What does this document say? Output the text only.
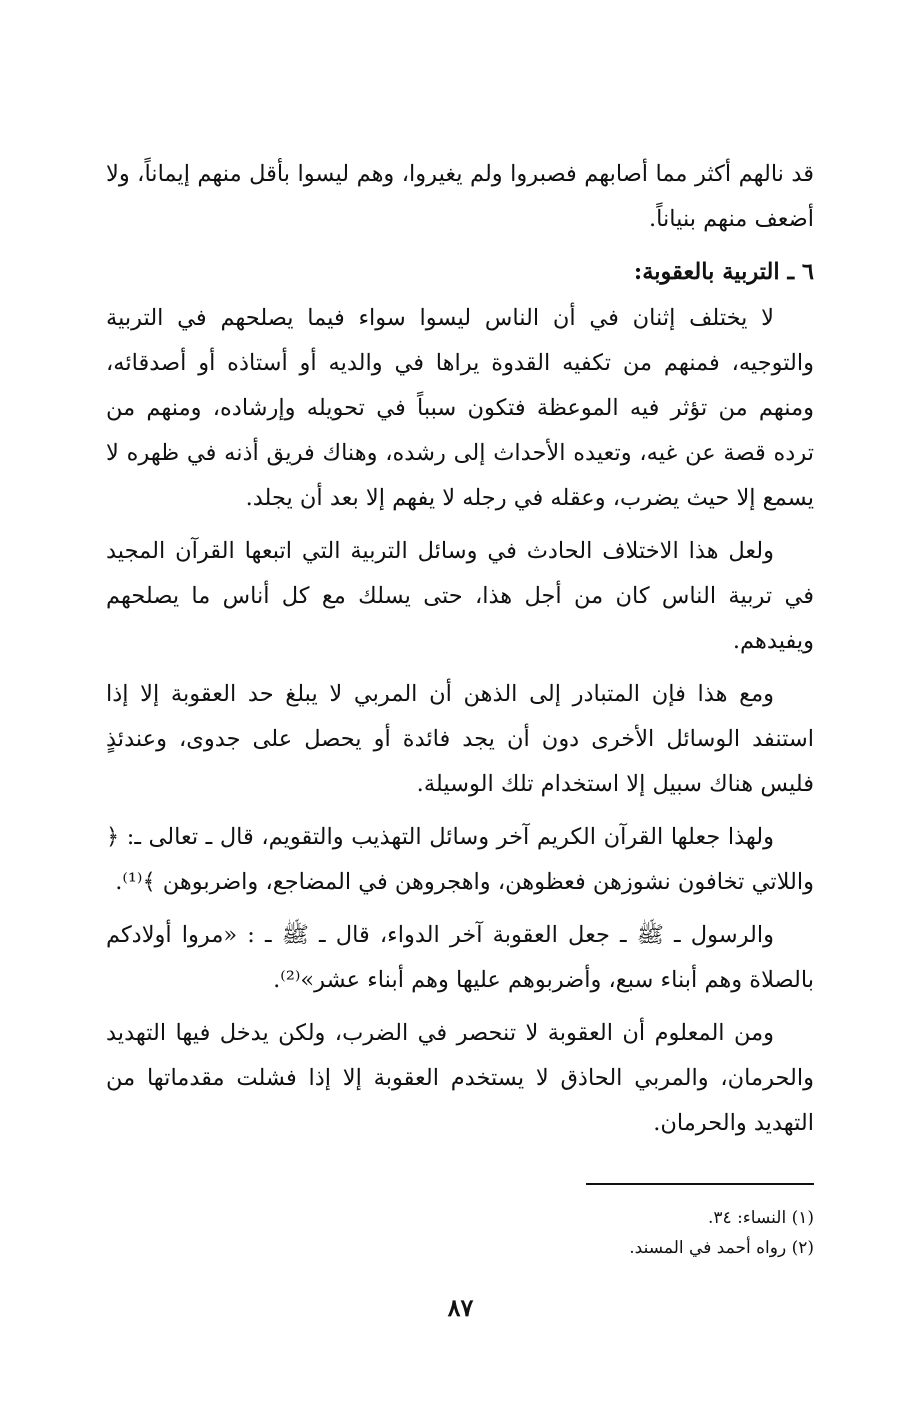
قد نالهم أكثر مما أصابهم فصبروا ولم يغيروا، وهم ليسوا بأقل منهم إيماناً، ولا أضعف منهم بنياناً.

٦ ـ التربية بالعقوبة:

لا يختلف إثنان في أن الناس ليسوا سواء فيما يصلحهم في التربية والتوجيه، فمنهم من تكفيه القدوة يراها في والديه أو أستاذه أو أصدقائه، ومنهم من تؤثر فيه الموعظة فتكون سبباً في تحويله وإرشاده، ومنهم من ترده قصة عن غيه، وتعيده الأحداث إلى رشده، وهناك فريق أذنه في ظهره لا يسمع إلا حيث يضرب، وعقله في رجله لا يفهم إلا بعد أن يجلد.

ولعل هذا الاختلاف الحادث في وسائل التربية التي اتبعها القرآن المجيد في تربية الناس كان من أجل هذا، حتى يسلك مع كل أناس ما يصلحهم ويفيدهم.

ومع هذا فإن المتبادر إلى الذهن أن المربي لا يبلغ حد العقوبة إلا إذا استنفد الوسائل الأخرى دون أن يجد فائدة أو يحصل على جدوى، وعندئذٍ فليس هناك سبيل إلا استخدام تلك الوسيلة.

ولهذا جعلها القرآن الكريم آخر وسائل التهذيب والتقويم، قال ـ تعالى ـ: ﴿ واللاتي تخافون نشوزهن فعظوهن، واهجروهن في المضاجع، واضربوهن ﴾⁽¹⁾.

والرسول ـ ﷺ ـ جعل العقوبة آخر الدواء، قال ـ ﷺ ـ : «مروا أولادكم بالصلاة وهم أبناء سبع، وأضربوهم عليها وهم أبناء عشر»⁽²⁾.

ومن المعلوم أن العقوبة لا تنحصر في الضرب، ولكن يدخل فيها التهديد والحرمان، والمربي الحاذق لا يستخدم العقوبة إلا إذا فشلت مقدماتها من التهديد والحرمان.

(١) النساء: ٣٤.
(٢) رواه أحمد في المسند.
٨٧
